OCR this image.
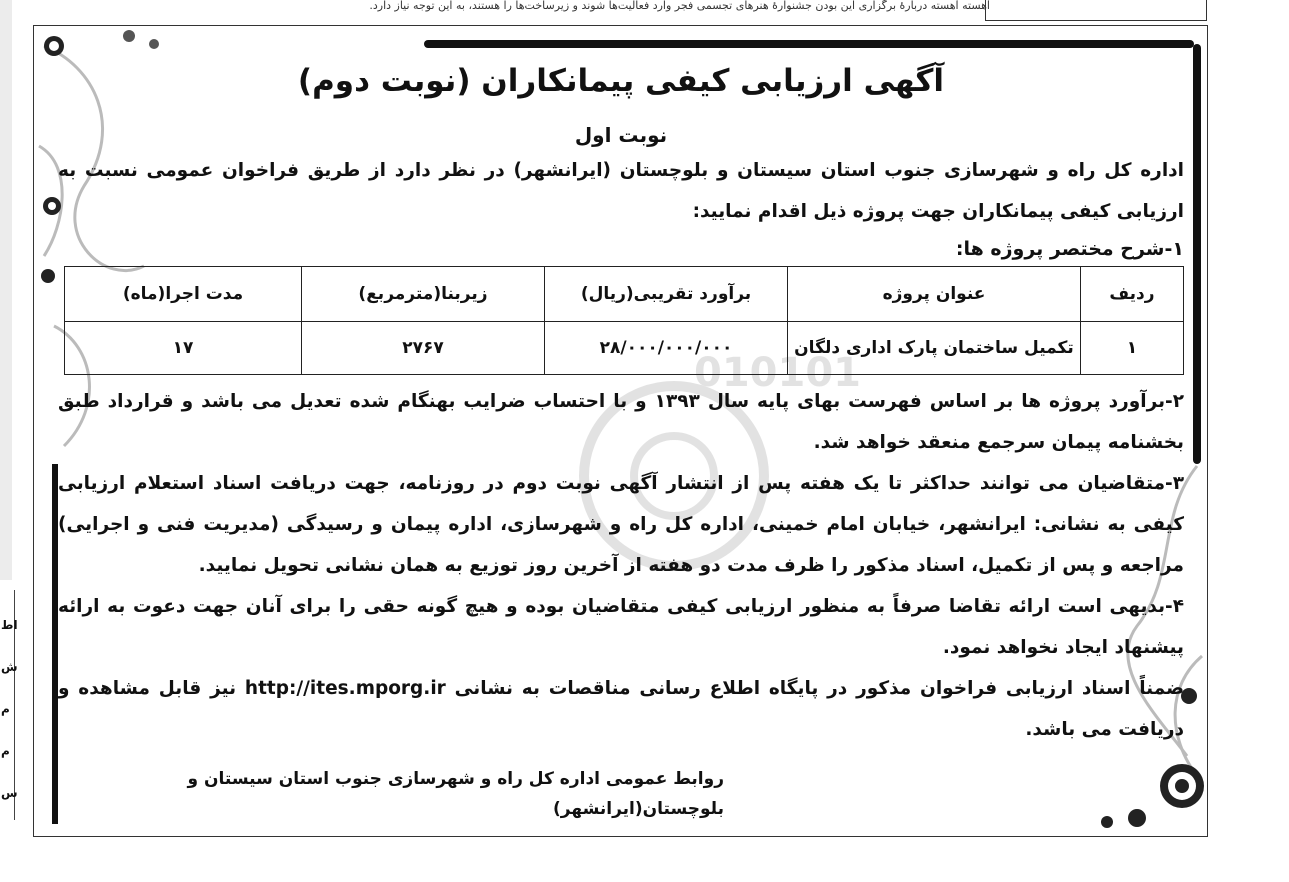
آهسته آهسته دربارهٔ برگزاری این بودن جشنوارهٔ هنرهای تجسمی فجر وارد فعالیت‌ها شوند و زیرساخت‌ها را هستند، به این توجه نیاز دارد.
اط
ش
م
م
س
010101
آگهی ارزیابی کیفی پیمانکاران (نوبت دوم)

نوبت اول

اداره کل راه و شهرسازی جنوب استان سیستان و بلوچستان (ایرانشهر) در نظر دارد از طریق فراخوان عمومی نسبت به ارزیابی کیفی پیمانکاران جهت پروژه ذیل اقدام نمایید:

۱-شرح مختصر پروژه ها:

ردیف	عنوان پروژه	برآورد تقریبی(ریال)	زیربنا(مترمربع)	مدت اجرا(ماه)
۱	تکمیل ساختمان پارک اداری دلگان	۲۸/۰۰۰/۰۰۰/۰۰۰	۲۷۶۷	۱۷

۲-برآورد پروژه ها بر اساس فهرست بهای پایه سال ۱۳۹۳ و با احتساب ضرایب بهنگام شده تعدیل می باشد و قرارداد طبق بخشنامه پیمان سرجمع منعقد خواهد شد.

۳-متقاضیان می توانند حداکثر تا یک هفته پس از انتشار آگهی نوبت دوم در روزنامه، جهت دریافت اسناد استعلام ارزیابی کیفی به نشانی: ایرانشهر، خیابان امام خمینی، اداره کل راه و شهرسازی، اداره پیمان و رسیدگی (مدیریت فنی و اجرایی) مراجعه و پس از تکمیل، اسناد مذکور را ظرف مدت دو هفته از آخرین روز توزیع به همان نشانی تحویل نمایید.

۴-بدیهی است ارائه تقاضا صرفاً به منظور ارزیابی کیفی متقاضیان بوده و هیچ گونه حقی را برای آنان جهت دعوت به ارائه پیشنهاد ایجاد نخواهد نمود.

ضمناً اسناد ارزیابی فراخوان مذکور در پایگاه اطلاع رسانی مناقصات به نشانی http://ites.mporg.ir نیز قابل مشاهده و دریافت می باشد.

روابط عمومی اداره کل راه و شهرسازی جنوب استان سیستان و بلوچستان(ایرانشهر)
